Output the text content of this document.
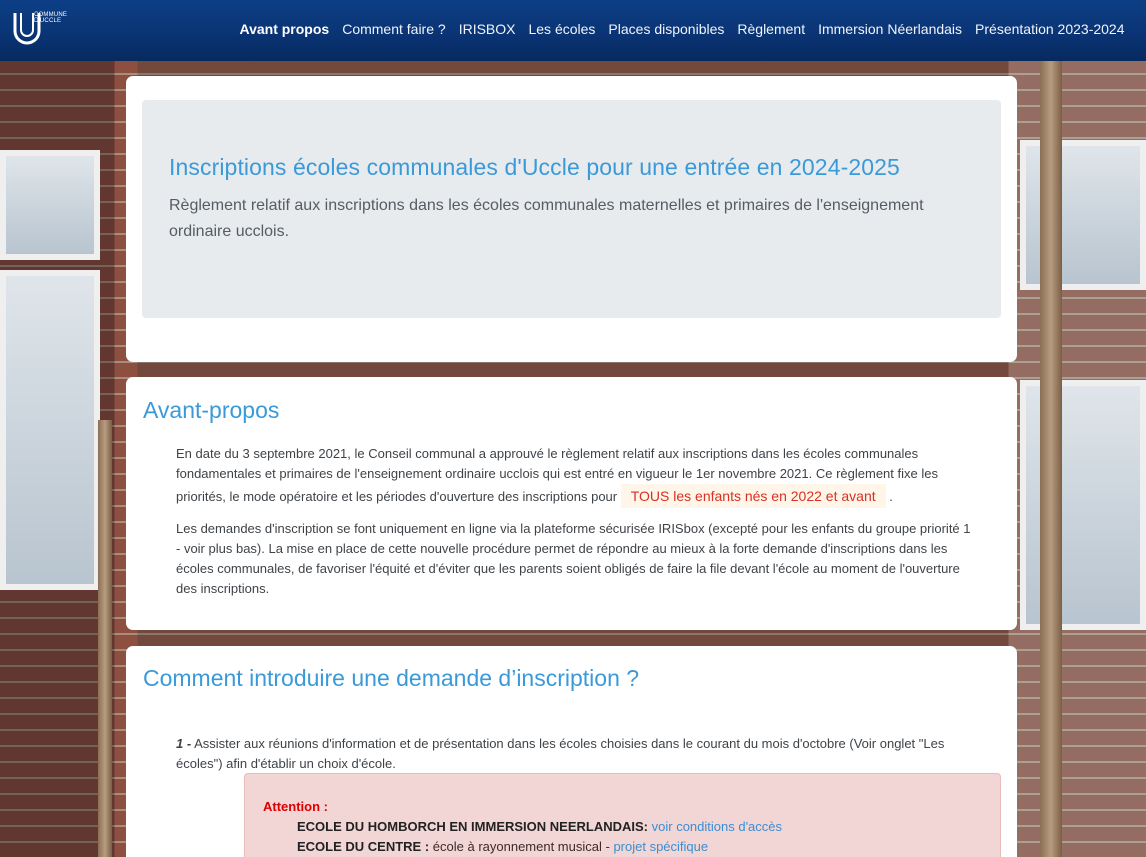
COMMUNE D'UCCLE	Avant propos Comment faire ? IRISBOX Les écoles Places disponibles Règlement Immersion Néerlandais Présentation 2023-2024
Inscriptions écoles communales d'Uccle pour une entrée en 2024-2025

Règlement relatif aux inscriptions dans les écoles communales maternelles et primaires de l'enseignement ordinaire ucclois.

Avant-propos

En date du 3 septembre 2021, le Conseil communal a approuvé le règlement relatif aux inscriptions dans les écoles communales fondamentales et primaires de l'enseignement ordinaire ucclois qui est entré en vigueur le 1er novembre 2021. Ce règlement fixe les priorités, le mode opératoire et les périodes d'ouverture des inscriptions pour TOUS les enfants nés en 2022 et avant .

Les demandes d'inscription se font uniquement en ligne via la plateforme sécurisée IRISbox (excepté pour les enfants du groupe priorité 1 - voir plus bas). La mise en place de cette nouvelle procédure permet de répondre au mieux à la forte demande d'inscriptions dans les écoles communales, de favoriser l'équité et d'éviter que les parents soient obligés de faire la file devant l'école au moment de l'ouverture des inscriptions.

Comment introduire une demande d’inscription ?

1 - Assister aux réunions d'information et de présentation dans les écoles choisies dans le courant du mois d'octobre (Voir onglet "Les écoles") afin d'établir un choix d'école.

Attention :
ECOLE DU HOMBORCH EN IMMERSION NEERLANDAIS: voir conditions d'accès
ECOLE DU CENTRE : école à rayonnement musical - projet spécifique
